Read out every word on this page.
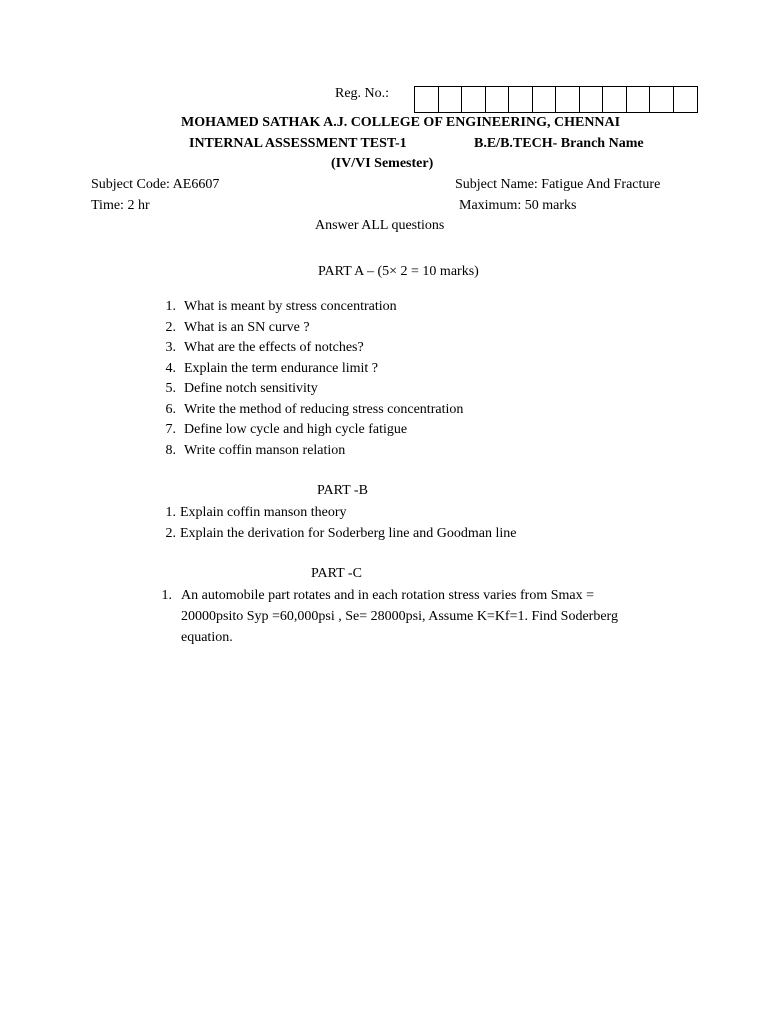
Reg. No.:
MOHAMED SATHAK A.J. COLLEGE OF ENGINEERING, CHENNAI
INTERNAL ASSESSMENT TEST-1	B.E/B.TECH- Branch Name
(IV/VI Semester)
Subject Code: AE6607	Subject Name: Fatigue And Fracture
Time: 2 hr	Maximum: 50 marks
Answer ALL questions
PART A – (5× 2 = 10 marks)
1. What is meant by stress concentration
2. What is an SN curve ?
3. What are the effects of notches?
4. Explain the term endurance limit ?
5. Define notch sensitivity
6. Write the method of reducing stress concentration
7. Define low cycle and high cycle fatigue
8. Write coffin manson relation
PART -B
1. Explain coffin manson theory
2. Explain the derivation for Soderberg line and Goodman line
PART -C
1. An automobile part rotates and in each rotation stress varies from Smax =
20000psito Syp =60,000psi , Se= 28000psi, Assume K=Kf=1. Find Soderberg
equation.
